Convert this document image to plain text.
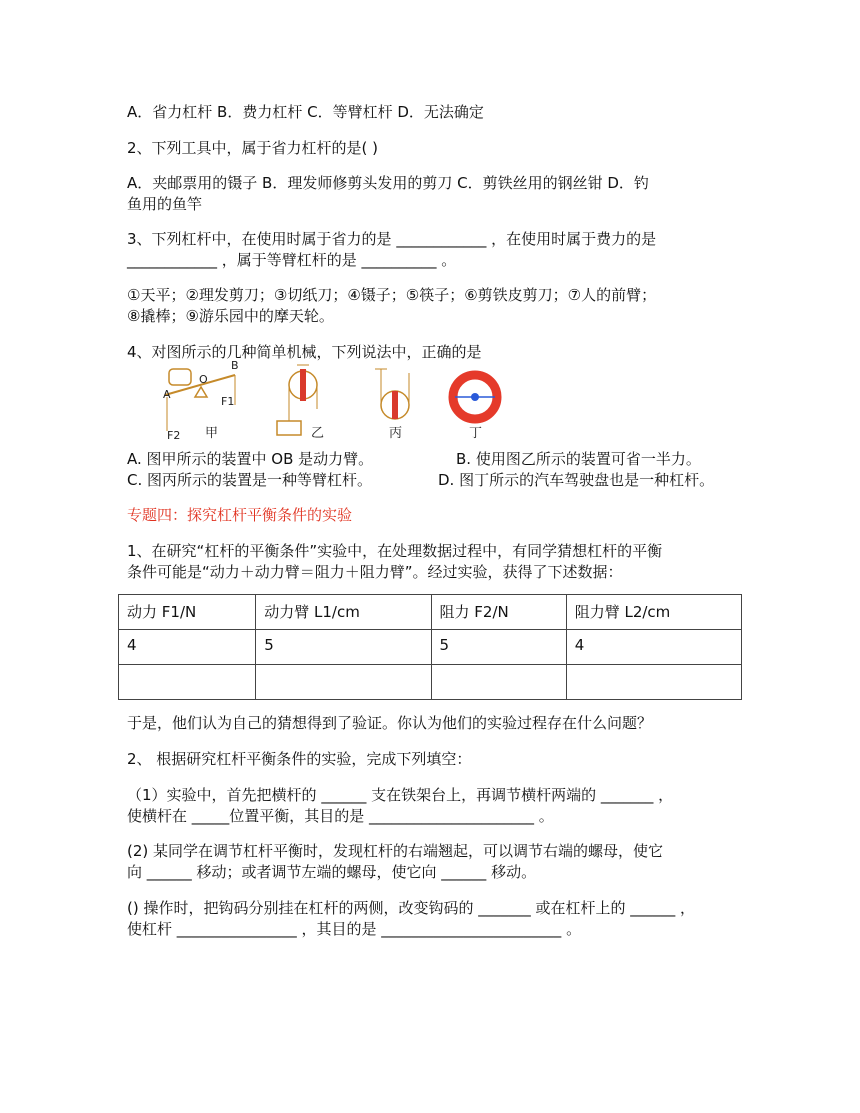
A．省力杠杆 B．费力杠杆 C．等臂杠杆 D．无法确定
2、下列工具中，属于省力杠杆的是( )
A．夹邮票用的镊子 B．理发师修剪头发用的剪刀 C．剪铁丝用的钢丝钳 D．钓
鱼用的鱼竿
3、下列杠杆中，在使用时属于省力的是 ____________ ，在使用时属于费力的是
____________ ，属于等臂杠杆的是 __________ 。
①天平；②理发剪刀；③切纸刀；④镊子；⑤筷子；⑥剪铁皮剪刀；⑦人的前臂；
⑧撬棒；⑨游乐园中的摩天轮。
4、对图所示的几种简单机械，下列说法中，正确的是
A
O
B
F1
F2 甲	乙	丙	丁
A. 图甲所示的装置中 OB 是动力臂。	B. 使用图乙所示的装置可省一半力。
C. 图丙所示的装置是一种等臂杠杆。	D. 图丁所示的汽车驾驶盘也是一种杠杆。
专题四：探究杠杆平衡条件的实验
1、在研究“杠杆的平衡条件”实验中，在处理数据过程中，有同学猜想杠杆的平衡
条件可能是“动力＋动力臂＝阻力＋阻力臂”。经过实验，获得了下述数据：
动力 F1/N	动力臂 L1/cm	阻力 F2/N	阻力臂 L2/cm
4	5	5	4

于是，他们认为自己的猜想得到了验证。你认为他们的实验过程存在什么问题？
2、 根据研究杠杆平衡条件的实验，完成下列填空：
（1）实验中，首先把横杆的 ______ 支在铁架台上，再调节横杆两端的 _______ ，
使横杆在 _____位置平衡，其目的是 ______________________ 。
(2) 某同学在调节杠杆平衡时，发现杠杆的右端翘起，可以调节右端的螺母，使它
向 ______ 移动；或者调节左端的螺母，使它向 ______ 移动。
() 操作时，把钩码分别挂在杠杆的两侧，改变钩码的 _______ 或在杠杆上的 ______ ，
使杠杆 ________________ ，其目的是 ________________________ 。
